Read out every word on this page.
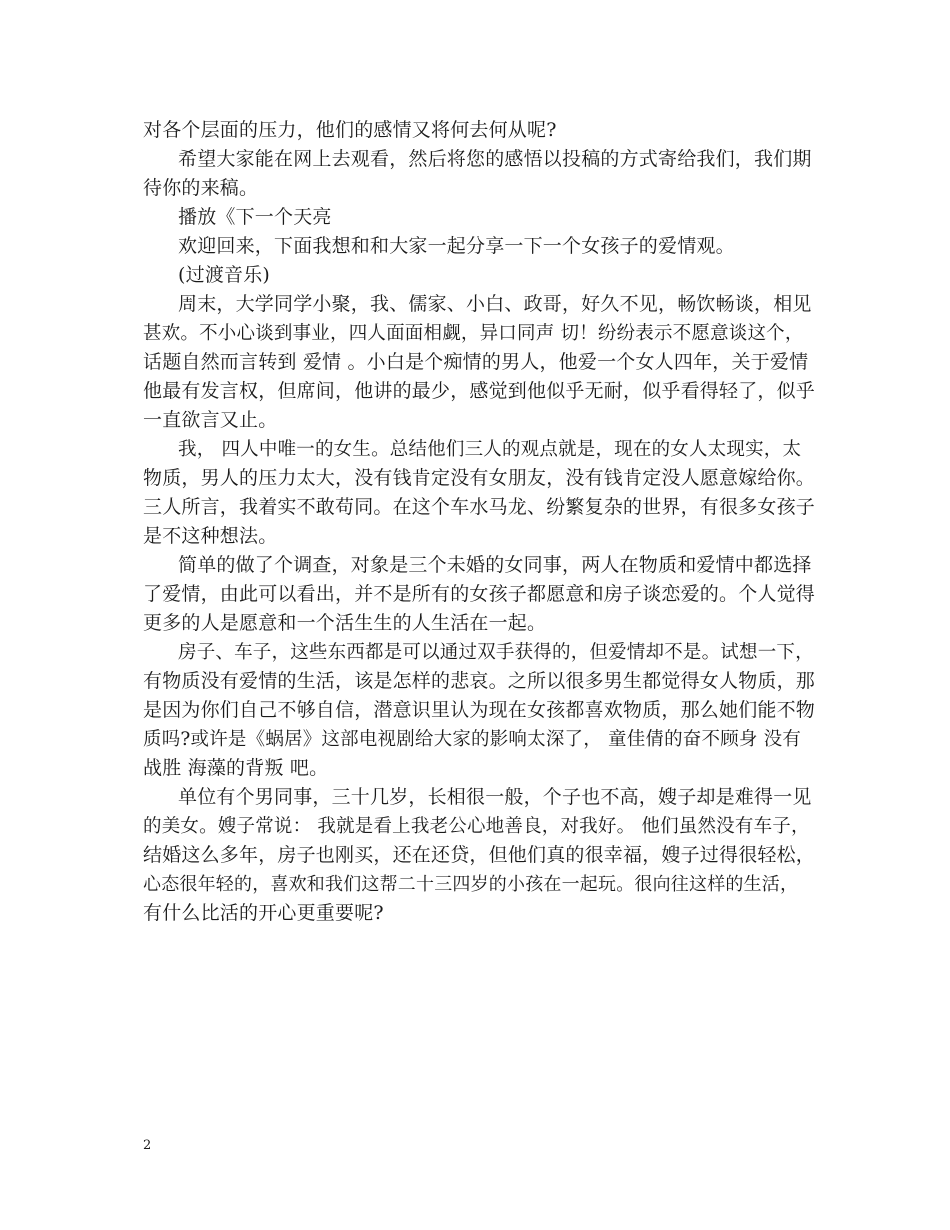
对各个层面的压力，他们的感情又将何去何从呢?
希望大家能在网上去观看，然后将您的感悟以投稿的方式寄给我们，我们期
待你的来稿。
播放《下一个天亮
欢迎回来，下面我想和和大家一起分享一下一个女孩子的爱情观。
(过渡音乐)
周末，大学同学小聚，我、儒家、小白、政哥，好久不见，畅饮畅谈，相见
甚欢。不小心谈到事业，四人面面相觑，异口同声 切！纷纷表示不愿意谈这个，
话题自然而言转到 爱情 。小白是个痴情的男人，他爱一个女人四年，关于爱情
他最有发言权，但席间，他讲的最少，感觉到他似乎无耐，似乎看得轻了，似乎
一直欲言又止。
我， 四人中唯一的女生。总结他们三人的观点就是，现在的女人太现实，太
物质，男人的压力太大，没有钱肯定没有女朋友，没有钱肯定没人愿意嫁给你。
三人所言，我着实不敢苟同。在这个车水马龙、纷繁复杂的世界，有很多女孩子
是不这种想法。
简单的做了个调查，对象是三个未婚的女同事，两人在物质和爱情中都选择
了爱情，由此可以看出，并不是所有的女孩子都愿意和房子谈恋爱的。个人觉得
更多的人是愿意和一个活生生的人生活在一起。
房子、车子，这些东西都是可以通过双手获得的，但爱情却不是。试想一下，
有物质没有爱情的生活，该是怎样的悲哀。之所以很多男生都觉得女人物质，那
是因为你们自己不够自信，潜意识里认为现在女孩都喜欢物质，那么她们能不物
质吗?或许是《蜗居》这部电视剧给大家的影响太深了， 童佳倩的奋不顾身 没有
战胜 海藻的背叛 吧。
单位有个男同事，三十几岁，长相很一般，个子也不高，嫂子却是难得一见
的美女。嫂子常说： 我就是看上我老公心地善良，对我好。 他们虽然没有车子，
结婚这么多年，房子也刚买，还在还贷，但他们真的很幸福，嫂子过得很轻松，
心态很年轻的，喜欢和我们这帮二十三四岁的小孩在一起玩。很向往这样的生活，
有什么比活的开心更重要呢?
2
